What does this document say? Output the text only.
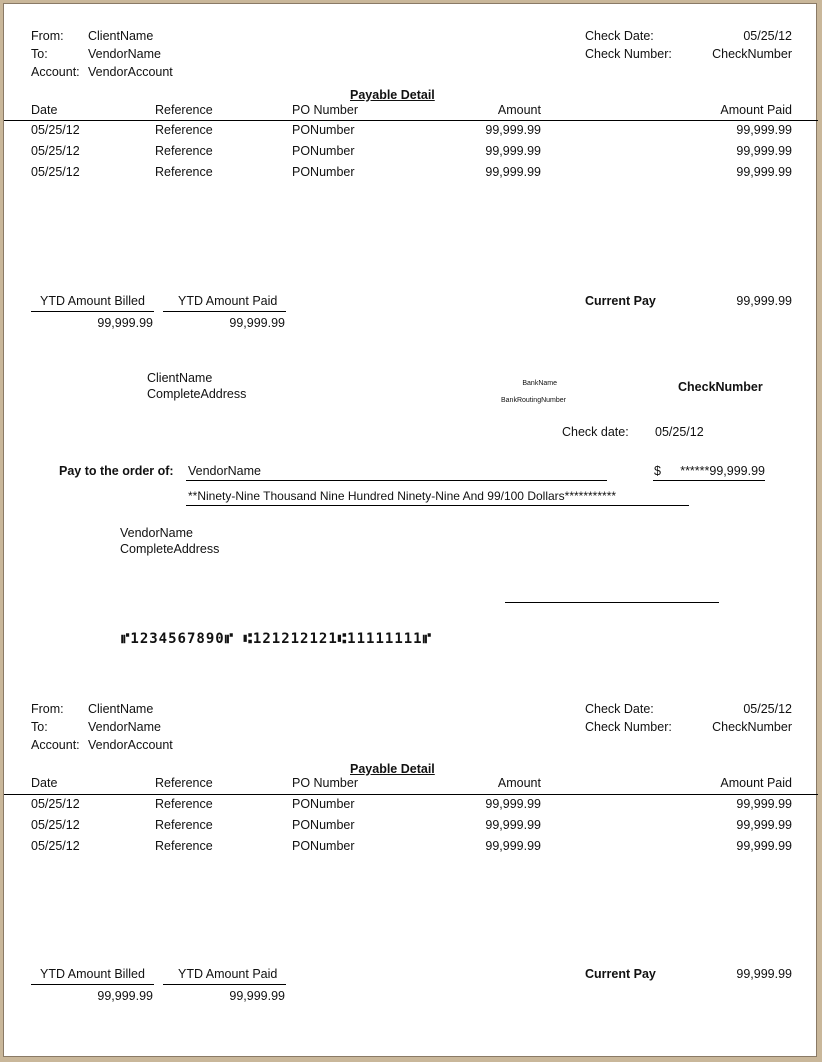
From: ClientName
To:	VendorName
Account: VendorAccount
Check Date:	05/25/12
Check Number:	CheckNumber
Payable Detail
Date	Reference	PO Number	Amount	Amount Paid
05/25/12	Reference	PONumber	99,999.99	99,999.99
05/25/12	Reference	PONumber	99,999.99	99,999.99
05/25/12	Reference	PONumber	99,999.99	99,999.99
YTD Amount Billed
99,999.99
YTD Amount Paid
99,999.99
Current Pay	99,999.99
ClientName
CompleteAddress
BankName
BankRoutingNumber
CheckNumber
Check date: 05/25/12
Pay to the order of: VendorName	$	******99,999.99
**Ninety-Nine Thousand Nine Hundred Ninety-Nine And 99/100 Dollars***********
VendorName
CompleteAddress
⑈1234567890⑈ ⑆121212121⑆11111111⑈
From: ClientName
To:	VendorName
Account: VendorAccount
Check Date:	05/25/12
Check Number:	CheckNumber
Payable Detail
Date	Reference	PO Number	Amount	Amount Paid
05/25/12	Reference	PONumber	99,999.99	99,999.99
05/25/12	Reference	PONumber	99,999.99	99,999.99
05/25/12	Reference	PONumber	99,999.99	99,999.99
YTD Amount Billed
99,999.99
YTD Amount Paid
99,999.99
Current Pay	99,999.99
